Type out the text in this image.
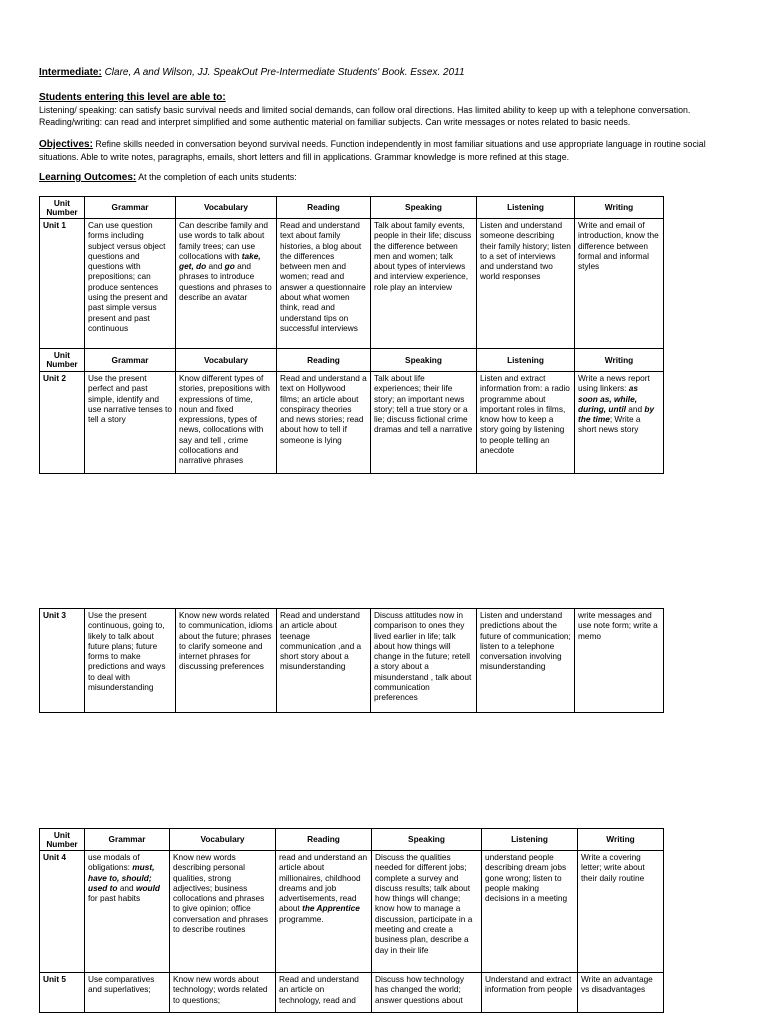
Intermediate: Clare, A and Wilson, JJ. SpeakOut Pre-Intermediate Students' Book. Essex. 2011
Students entering this level are able to:
Listening/ speaking: can satisfy basic survival needs and limited social demands, can follow oral directions. Has limited ability to keep up with a telephone conversation.
Reading/writing: can read and interpret simplified and some authentic material on familiar subjects. Can write messages or notes related to basic needs.
Objectives: Refine skills needed in conversation beyond survival needs. Function independently in most familiar situations and use appropriate language in routine social situations. Able to write notes, paragraphs, emails, short letters and fill in applications. Grammar knowledge is more refined at this stage.
Learning Outcomes: At the completion of each units students:
Unit Number	Grammar	Vocabulary	Reading	Speaking	Listening	Writing
Unit 1	Can use question forms including subject versus object questions and questions with prepositions; can produce sentences using the present and past simple versus present and past continuous	Can describe family and use words to talk about family trees; can use collocations with take, get, do and go and phrases to introduce questions and phrases to describe an avatar	Read and understand text about family histories, a blog about the differences between men and women; read and answer a questionnaire about what women think, read and understand tips on successful interviews	Talk about family events, people in their life; discuss the difference between men and women; talk about types of interviews and interview experience, role play an interview	Listen and understand someone describing their family history; listen to a set of interviews and understand two world responses	Write and email of introduction, know the difference between formal and informal styles
Unit Number	Grammar	Vocabulary	Reading	Speaking	Listening	Writing
Unit 2	Use the present perfect and past simple, identify and use narrative tenses to tell a story	Know different types of stories, prepositions with expressions of time, noun and fixed expressions, types of news, collocations with say and tell , crime collocations and narrative phrases	Read and understand a text on Hollywood films; an article about conspiracy theories and news stories; read about how to tell if someone is lying	Talk about life experiences; their life story; an important news story; tell a true story or a lie; discuss fictional crime dramas and tell a narrative	Listen and extract information from: a radio programme about important roles in films, know how to keep a story going by listening to people telling an anecdote	Write a news report using linkers: as soon as, while, during, until and by the time; Write a short news story
Unit 3	Use the present continuous, going to, likely to talk about future plans; future forms to make predictions and ways to deal with misunderstanding	Know new words related to communication, idioms about the future; phrases to clarify someone and internet phrases for discussing preferences	Read and understand an article about teenage communication ,and a short story about a misunderstanding	Discuss attitudes now in comparison to ones they lived earlier in life; talk about how things will change in the future; retell a story about a misunderstand , talk about communication preferences	Listen and understand predictions about the future of communication; listen to a telephone conversation involving misunderstanding	write messages and use note form; write a memo
Unit Number	Grammar	Vocabulary	Reading	Speaking	Listening	Writing
Unit 4	use modals of obligations: must, have to, should; used to and would for past habits	Know new words describing personal qualities, strong adjectives; business collocations and phrases to give opinion; office conversation and phrases to describe routines	read and understand an article about millionaires, childhood dreams and job advertisements, read about the Apprentice programme.	Discuss the qualities needed for different jobs; complete a survey and discuss results; talk about how things will change; know how to manage a discussion, participate in a meeting and create a business plan, describe a day in their life	understand people describing dream jobs gone wrong; listen to people making decisions in a meeting	Write a covering letter; write about their daily routine
Unit 5	Use comparatives and superlatives;	Know new words about technology; words related to questions;	Read and understand an article on technology, read and	Discuss how technology has changed the world; answer questions about	Understand and extract information from people	Write an advantage vs disadvantages
